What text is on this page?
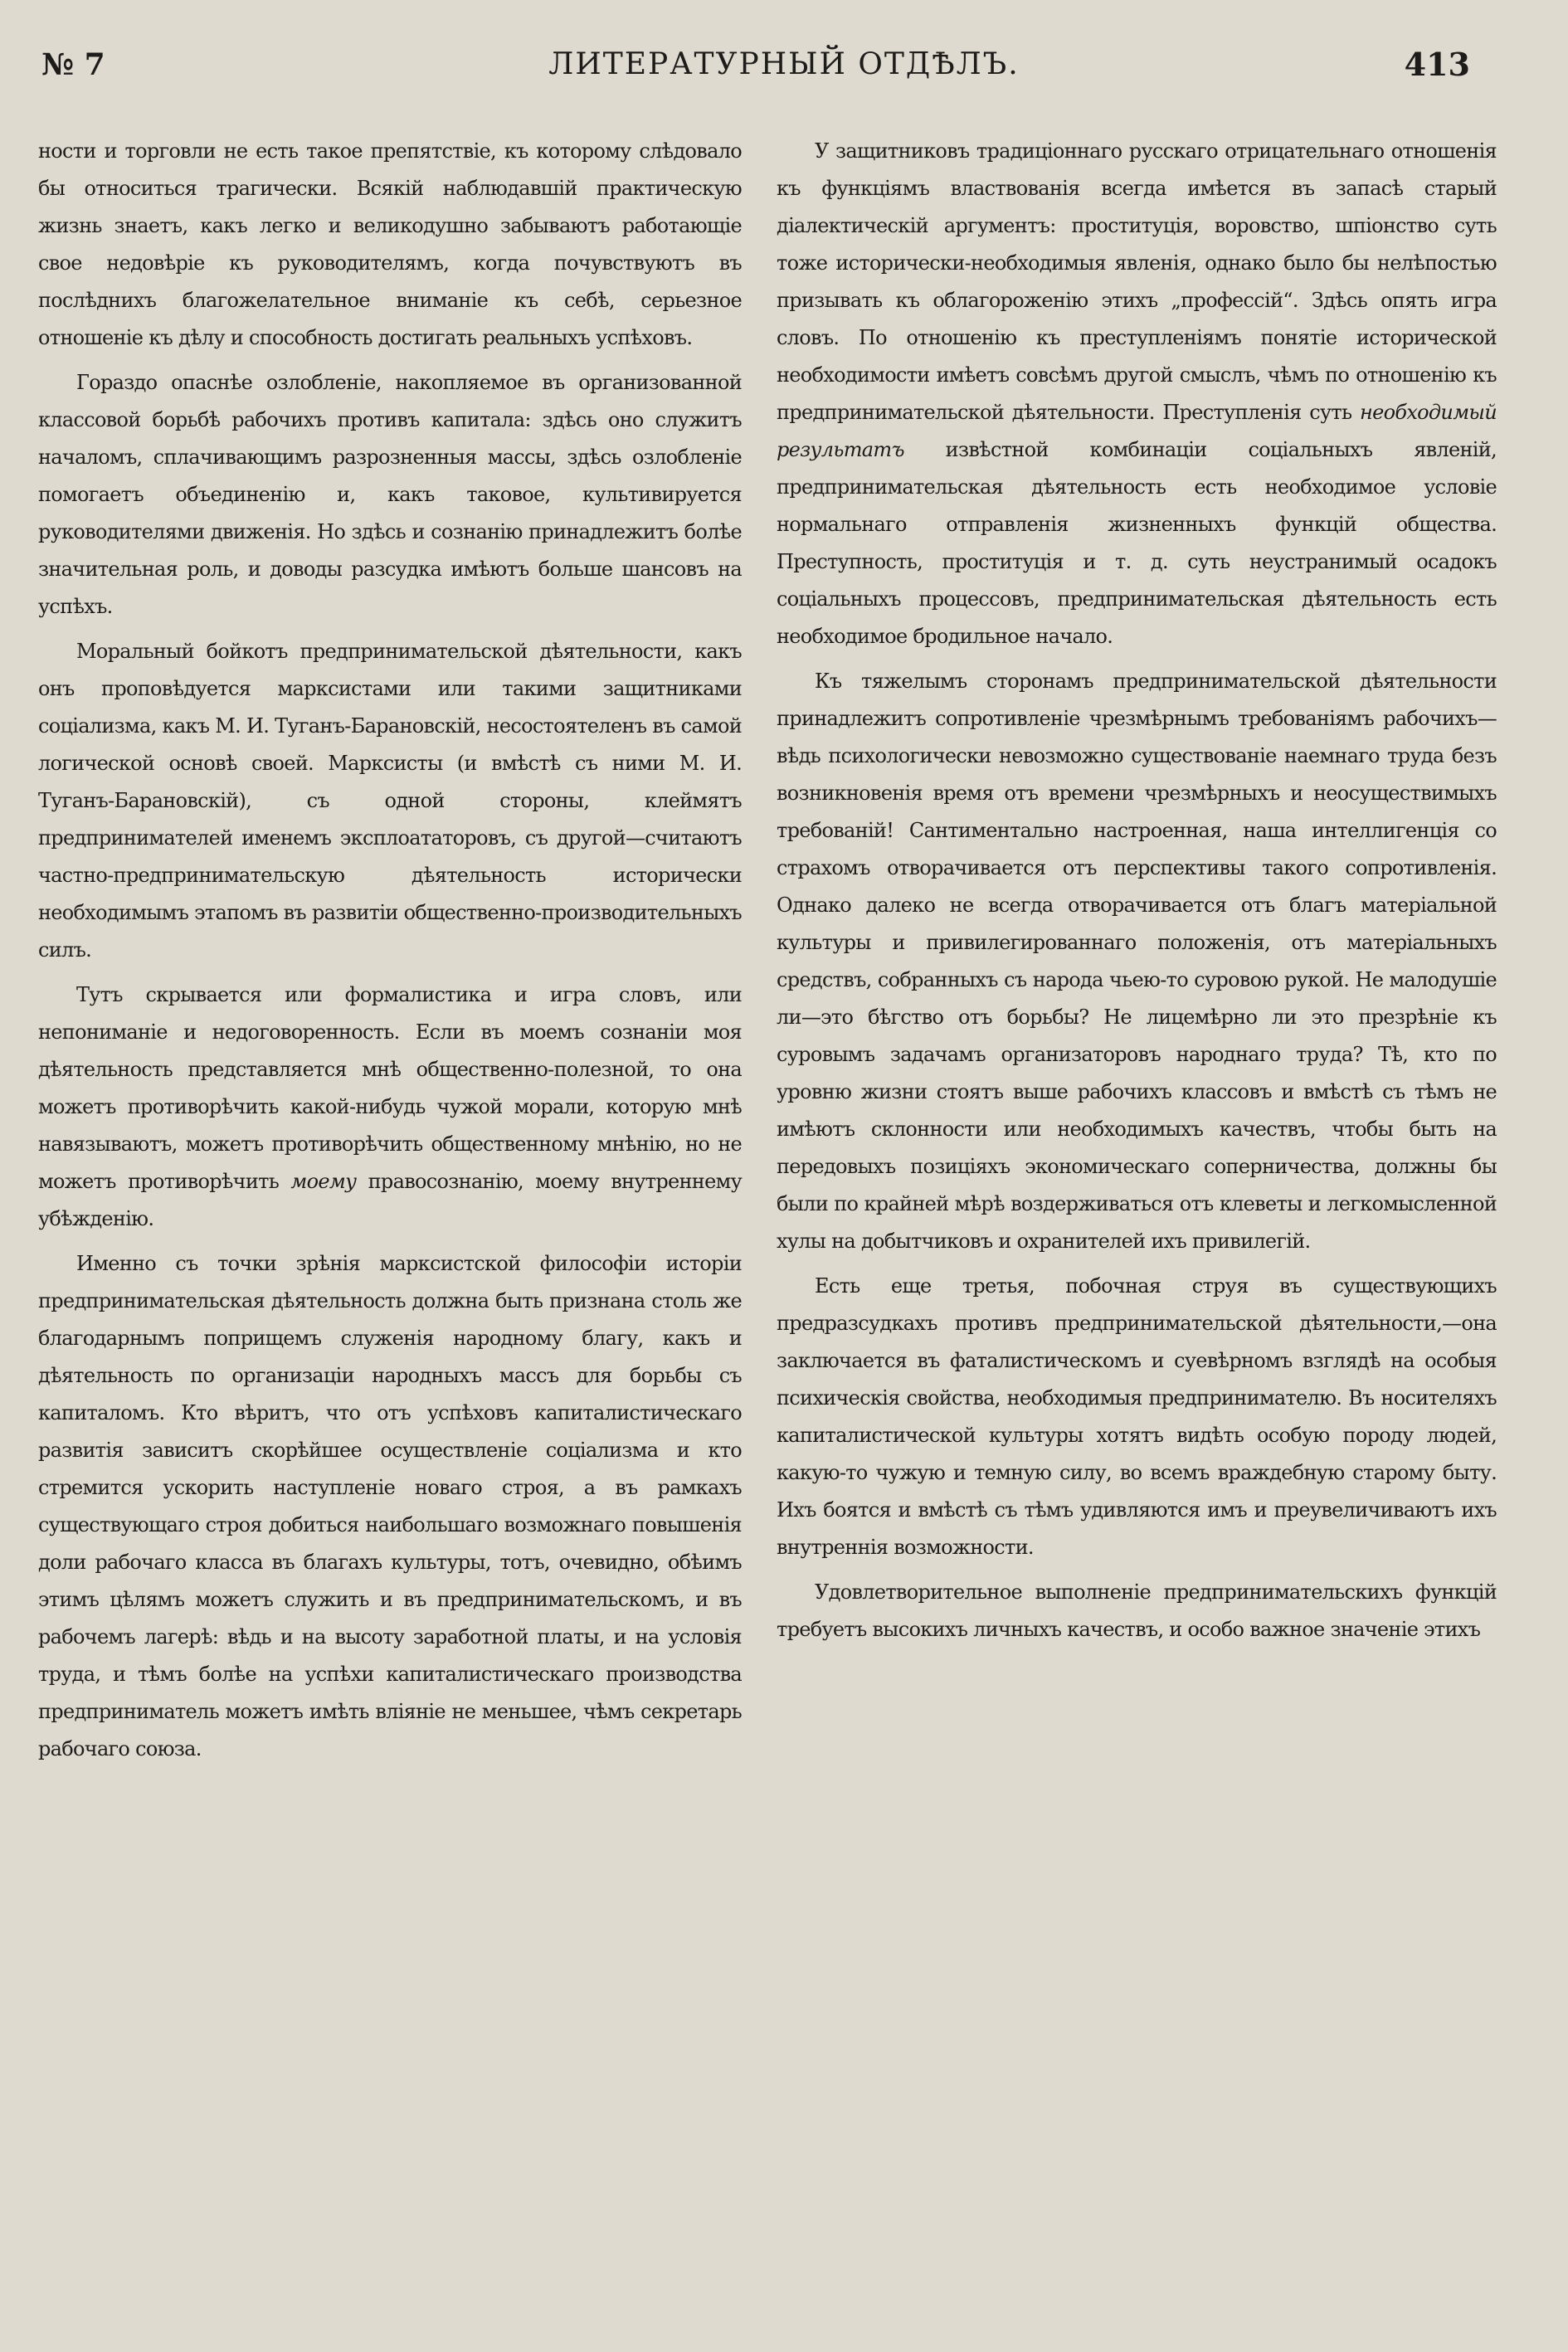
№ 7	ЛИТЕРАТУРНЫЙ ОТДѢЛЪ.	413

ности и торговли не есть такое препятствіе, къ которому слѣдовало бы относиться трагически. Всякій наблюдавшій практическую жизнь знаетъ, какъ легко и великодушно забываютъ работающіе свое недовѣріе къ руководителямъ, когда почувствуютъ въ послѣднихъ благожелательное вниманіе къ себѣ, серьезное отношеніе къ дѣлу и способность достигать реальныхъ успѣховъ.

Гораздо опаснѣе озлобленіе, накопляемое въ организованной классовой борьбѣ рабочихъ противъ капитала: здѣсь оно служитъ началомъ, сплачивающимъ разрозненныя массы, здѣсь озлобленіе помогаетъ объединенію и, какъ таковое, культивируется руководителями движенія. Но здѣсь и сознанію принадлежитъ болѣе значительная роль, и доводы разсудка имѣютъ больше шансовъ на успѣхъ.

Моральный бойкотъ предпринимательской дѣятельности, какъ онъ проповѣдуется марксистами или такими защитниками соціализма, какъ М. И. Туганъ-Барановскій, несостоятеленъ въ самой логической основѣ своей. Марксисты (и вмѣстѣ съ ними М. И. Туганъ-Барановскій), съ одной стороны, клеймятъ предпринимателей именемъ эксплоататоровъ, съ другой—считаютъ частно-предпринимательскую дѣятельность исторически необходимымъ этапомъ въ развитіи общественно-производительныхъ силъ.

Тутъ скрывается или формалистика и игра словъ, или непониманіе и недоговоренность. Если въ моемъ сознаніи моя дѣятельность представляется мнѣ общественно-полезной, то она можетъ противорѣчить какой-нибудь чужой морали, которую мнѣ навязываютъ, можетъ противорѣчить общественному мнѣнію, но не можетъ противорѣчить моему правосознанію, моему внутреннему убѣжденію.

Именно съ точки зрѣнія марксистской философіи исторіи предпринимательская дѣятельность должна быть признана столь же благодарнымъ поприщемъ служенія народному благу, какъ и дѣятельность по организаціи народныхъ массъ для борьбы съ капиталомъ. Кто вѣритъ, что отъ успѣховъ капиталистическаго развитія зависитъ скорѣйшее осуществленіе соціализма и кто стремится ускорить наступленіе новаго строя, а въ рамкахъ существующаго строя добиться наибольшаго возможнаго повышенія доли рабочаго класса въ благахъ культуры, тотъ, очевидно, обѣимъ этимъ цѣлямъ можетъ служить и въ предпринимательскомъ, и въ рабочемъ лагерѣ: вѣдь и на высоту заработной платы, и на условія труда, и тѣмъ болѣе на успѣхи капиталистическаго производства предприниматель можетъ имѣть вліяніе не меньшее, чѣмъ секретарь рабочаго союза.

У защитниковъ традиціоннаго русскаго отрицательнаго отношенія къ функціямъ властвованія всегда имѣется въ запасѣ старый діалектическій аргументъ: проституція, воровство, шпіонство суть тоже исторически-необходимыя явленія, однако было бы нелѣпостью призывать къ облагороженію этихъ „профессій“. Здѣсь опять игра словъ. По отношенію къ преступленіямъ понятіе исторической необходимости имѣетъ совсѣмъ другой смыслъ, чѣмъ по отношенію къ предпринимательской дѣятельности. Преступленія суть необходимый результатъ извѣстной комбинаціи соціальныхъ явленій, предпринимательская дѣятельность есть необходимое условіе нормальнаго отправленія жизненныхъ функцій общества. Преступность, проституція и т. д. суть неустранимый осадокъ соціальныхъ процессовъ, предпринимательская дѣятельность есть необходимое бродильное начало.

Къ тяжелымъ сторонамъ предпринимательской дѣятельности принадлежитъ сопротивленіе чрезмѣрнымъ требованіямъ рабочихъ—вѣдь психологически невозможно существованіе наемнаго труда безъ возникновенія время отъ времени чрезмѣрныхъ и неосуществимыхъ требованій! Сантиментально настроенная, наша интеллигенція со страхомъ отворачивается отъ перспективы такого сопротивленія. Однако далеко не всегда отворачивается отъ благъ матеріальной культуры и привилегированнаго положенія, отъ матеріальныхъ средствъ, собранныхъ съ народа чьею-то суровою рукой. Не малодушіе ли—это бѣгство отъ борьбы? Не лицемѣрно ли это презрѣніе къ суровымъ задачамъ организаторовъ народнаго труда? Тѣ, кто по уровню жизни стоятъ выше рабочихъ классовъ и вмѣстѣ съ тѣмъ не имѣютъ склонности или необходимыхъ качествъ, чтобы быть на передовыхъ позиціяхъ экономическаго соперничества, должны бы были по крайней мѣрѣ воздерживаться отъ клеветы и легкомысленной хулы на добытчиковъ и охранителей ихъ привилегій.

Есть еще третья, побочная струя въ существующихъ предразсудкахъ противъ предпринимательской дѣятельности,—она заключается въ фаталистическомъ и суевѣрномъ взглядѣ на особыя психическія свойства, необходимыя предпринимателю. Въ носителяхъ капиталистической культуры хотятъ видѣть особую породу людей, какую-то чужую и темную силу, во всемъ враждебную старому быту. Ихъ боятся и вмѣстѣ съ тѣмъ удивляются имъ и преувеличиваютъ ихъ внутреннія возможности.

Удовлетворительное выполненіе предпринимательскихъ функцій требуетъ высокихъ личныхъ качествъ, и особо важное значеніе этихъ
